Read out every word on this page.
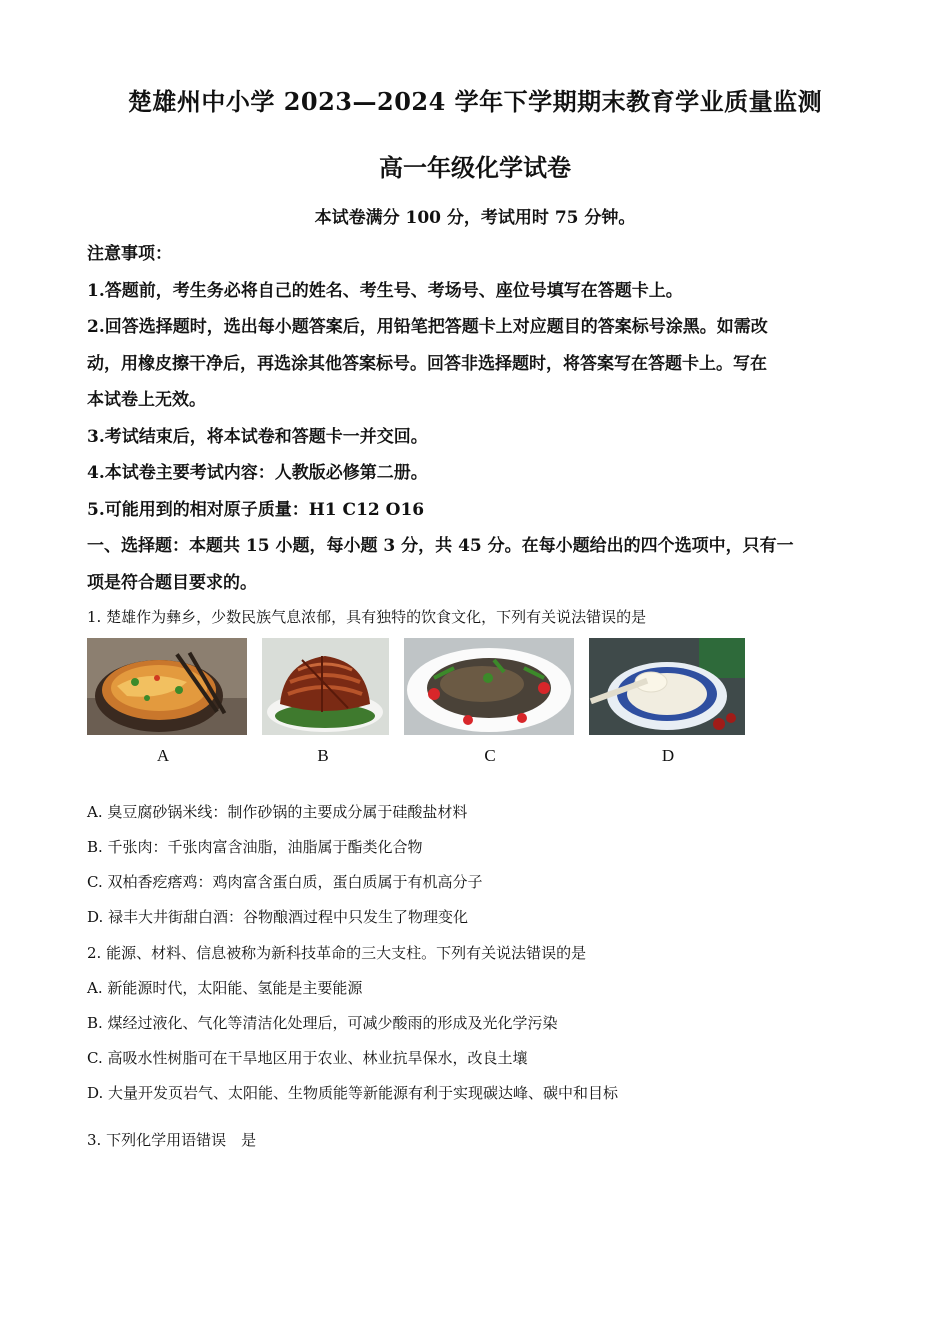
楚雄州中小学 2023—2024 学年下学期期末教育学业质量监测
高一年级化学试卷
本试卷满分 100 分，考试用时 75 分钟。

注意事项：

1.答题前，考生务必将自己的姓名、考生号、考场号、座位号填写在答题卡上。

2.回答选择题时，选出每小题答案后，用铅笔把答题卡上对应题目的答案标号涂黑。如需改

动，用橡皮擦干净后，再选涂其他答案标号。回答非选择题时，将答案写在答题卡上。写在

本试卷上无效。

3.考试结束后，将本试卷和答题卡一并交回。

4.本试卷主要考试内容：人教版必修第二册。

5.可能用到的相对原子质量：H1 C12 O16

一、选择题：本题共 15 小题，每小题 3 分，共 45 分。在每小题给出的四个选项中，只有一

项是符合题目要求的。

1. 楚雄作为彝乡，少数民族气息浓郁，具有独特的饮食文化，下列有关说法错误的是
A	B	C	D
A. 臭豆腐砂锅米线：制作砂锅的主要成分属于硅酸盐材料
B. 千张肉：千张肉富含油脂，油脂属于酯类化合物
C. 双柏香疙瘩鸡：鸡肉富含蛋白质，蛋白质属于有机高分子
D. 禄丰大井街甜白酒：谷物酿酒过程中只发生了物理变化
2. 能源、材料、信息被称为新科技革命的三大支柱。下列有关说法错误的是
A. 新能源时代，太阳能、氢能是主要能源
B. 煤经过液化、气化等清洁化处理后，可减少酸雨的形成及光化学污染
C. 高吸水性树脂可在干旱地区用于农业、林业抗旱保水，改良土壤
D. 大量开发页岩气、太阳能、生物质能等新能源有利于实现碳达峰、碳中和目标
3. 下列化学用语错误　是
